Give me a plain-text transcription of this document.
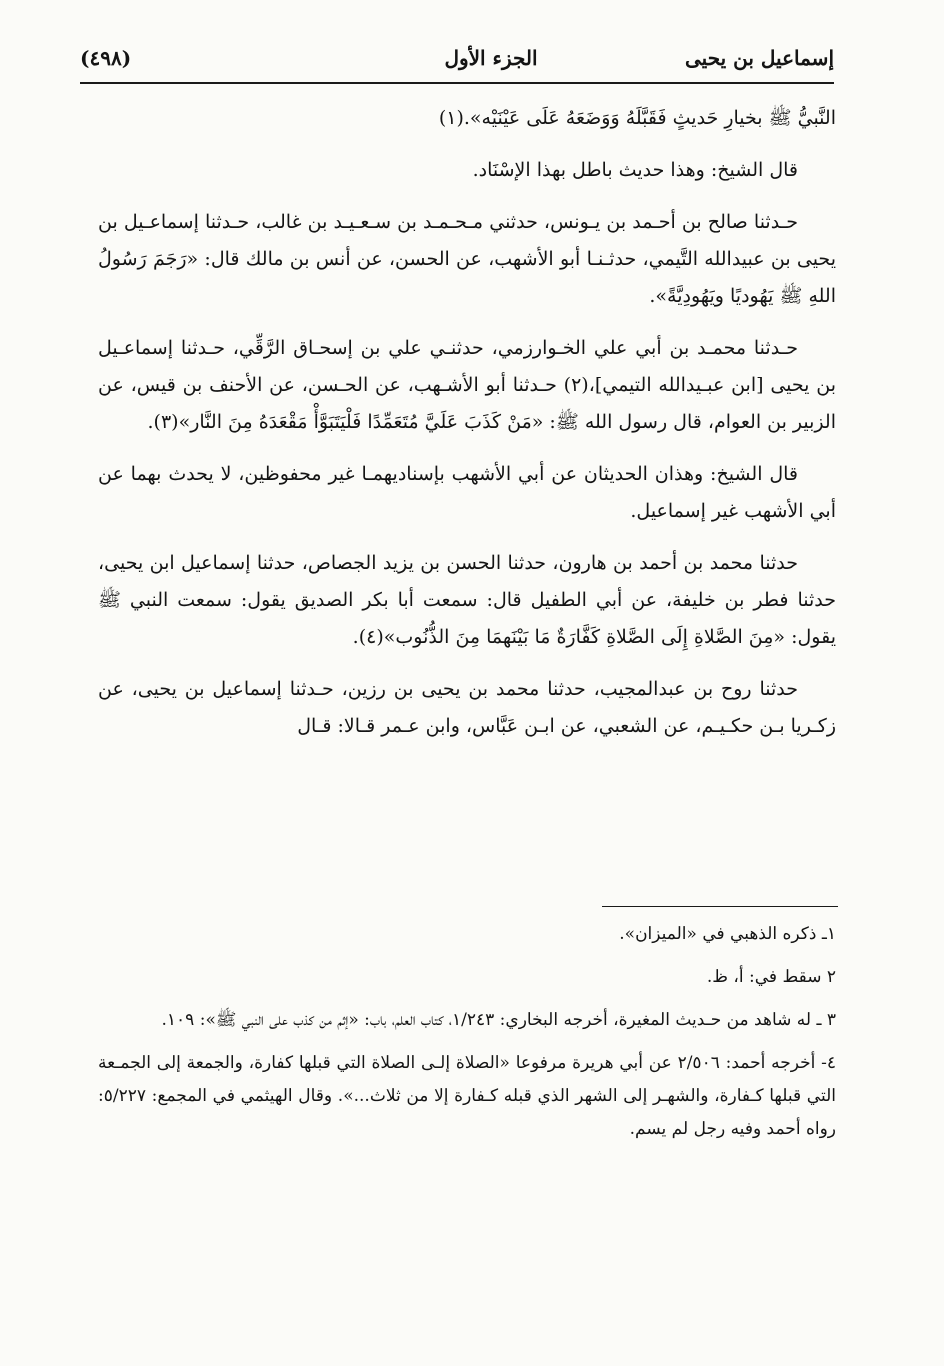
(٤٩٨)	الجزء الأول	إسماعيل بن يحيى

النَّبيُّ ﷺ بخيارِ حَديثٍ فَقَبَّلَهُ وَوَضَعَهُ عَلَى عَيْنَيْه».(١)

قال الشيخ: وهذا حديث باطل بهذا الإسْنَاد.

حـدثنا صالح بن أحـمد بن يـونس، حدثني مـحـمـد بن سـعـيـد بن غالب، حـدثنا إسماعـيل بن يحيى بن عبيدالله التَّيمي، حدثـنـا أبو الأشهب، عن الحسن، عن أنس بن مالك قال: «رَجَمَ رَسُولُ اللهِ ﷺ يَهُوديًا ويَهُودِيَّةً».

حـدثنا محمـد بن أبي علي الخـوارزمي، حدثنـي علي بن إسحـاق الرَّقِّي، حـدثنا إسماعـيل بن يحيى [ابن عبـيدالله التيمي]،(٢) حـدثنا أبو الأشـهب، عن الحـسن، عن الأحنف بن قيس، عن الزبير بن العوام، قال رسول الله ﷺ: «مَنْ كَذَبَ عَلَيَّ مُتَعَمِّدًا فَلْيَتَبَوَّأْ مَقْعَدَهُ مِنَ النَّار»(٣).

قال الشيخ: وهذان الحديثان عن أبي الأشهب بإسناديهمـا غير محفوظين، لا يحدث بهما عن أبي الأشهب غير إسماعيل.

حدثنا محمد بن أحمد بن هارون، حدثنا الحسن بن يزيد الجصاص، حدثنا إسماعيل ابن يحيى، حدثنا فطر بن خليفة، عن أبي الطفيل قال: سمعت أبا بكر الصديق يقول: سمعت النبي ﷺ يقول: «مِنَ الصَّلاةِ إِلَى الصَّلاةِ كَفَّارَةٌ مَا بَيْنَهمَا مِنَ الذُّنُوب»(٤).

حدثنا روح بن عبدالمجيب، حدثنا محمد بن يحيى بن رزين، حـدثنا إسماعيل بن يحيى، عن زكـريا بـن حكـيـم، عن الشعبي، عن ابـن عَبَّاس، وابن عـمر قـالا: قـال

١ـ ذكره الذهبي في «الميزان».

٢ سقط في: أ، ظ.

٣ ـ له شاهد من حـديث المغيرة، أخرجه البخاري: ١/٢٤٣، كتاب العلم، باب: «إثم من كذب على النبي ﷺ»: ١٠٩.

٤- أخرجه أحمد: ٢/٥٠٦ عن أبي هريرة مرفوعا «الصلاة إلـى الصلاة التي قبلها كفارة، والجمعة إلى الجمـعة التي قبلها كـفارة، والشهـر إلى الشهر الذي قبله كـفارة إلا من ثلاث...». وقال الهيثمي في المجمع: ٥/٢٢٧: رواه أحمد وفيه رجل لم يسم.
